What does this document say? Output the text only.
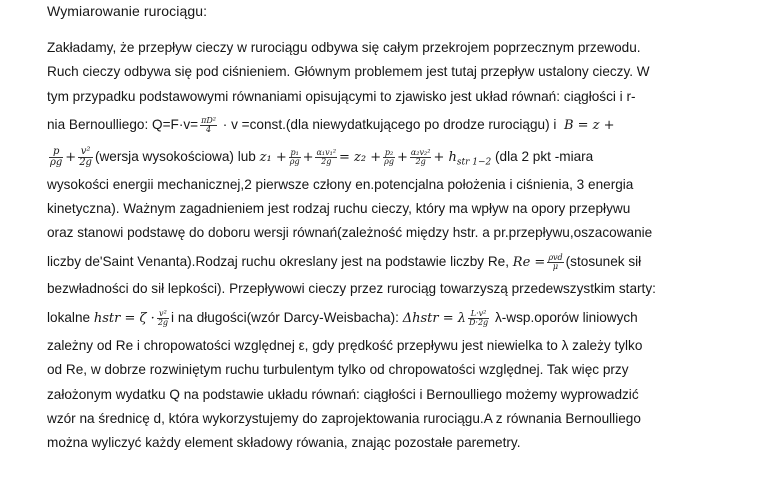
Wymiarowanie rurociągu:
Zakładamy, że przepływ cieczy w rurociągu odbywa się całym przekrojem poprzecznym przewodu.
Ruch cieczy odbywa się pod ciśnieniem. Głównym problemem jest tutaj przepływ ustalony cieczy. W
tym przypadku podstawowymi równaniami opisującymi to zjawisko jest układ równań: ciągłości i r-
nia Bernoulliego: $Q=F\cdot v= \frac{\text{πD²}}{4} \cdot v$ =const.(dla niewydatkującego po drodze rurociągu) i B = z +
$\frac{p}{\rho g} + \frac{\text{v²}}{2g}$ (wersja wysokościowa) lub $z_1 + \frac{\text{p₁}}{\rho g} + \frac{\text{α₁v₁²}}{2g} = z_2 + \frac{\text{p₂}}{\rho g} + \frac{\text{α₂v₂²}}{2g} + h_{str 1-2}$ (dla 2 pkt -miara
wysokości energii mechanicznej,2 pierwsze człony en.potencjalna położenia i ciśnienia, 3 energia
kinetyczna). Ważnym zagadnieniem jest rodzaj ruchu cieczy, który ma wpływ na opory przepływu
oraz stanowi podstawę do doboru wersji równań(zależność między hstr. a pr.przepływu,oszacowanie
liczby de'Saint Venanta).Rodzaj ruchu okreslany jest na podstawie liczby Re, $Re = \frac{\text{ρvd}}{\mu}$ (stosunek sił
bezwładności do sił lepkości). Przepływowi cieczy przez rurociąg towarzyszą przedewszystkim starty:
lokalne hstr = $\zeta \cdot \frac{\text{v²}}{2g}$ i na długości(wzór Darcy-Weisbacha): Δhstr = λ $\frac{\text{L·v²}}{D\cdot 2g}$ λ-wsp.oporów liniowych
zależny od Re i chropowatości względnej ε, gdy prędkość przepływu jest niewielka to λ zależy tylko
od Re, w dobrze rozwiniętym ruchu turbulentym tylko od chropowatości względnej. Tak więc przy
założonym wydatku Q na podstawie układu równań: ciągłości i Bernoulliego możemy wyprowadzić
wzór na średnicę d, która wykorzystujemy do zaprojektowania rurociągu.A z równania Bernoulliego
można wyliczyć każdy element składowy rówania, znając pozostałe paremetry.
